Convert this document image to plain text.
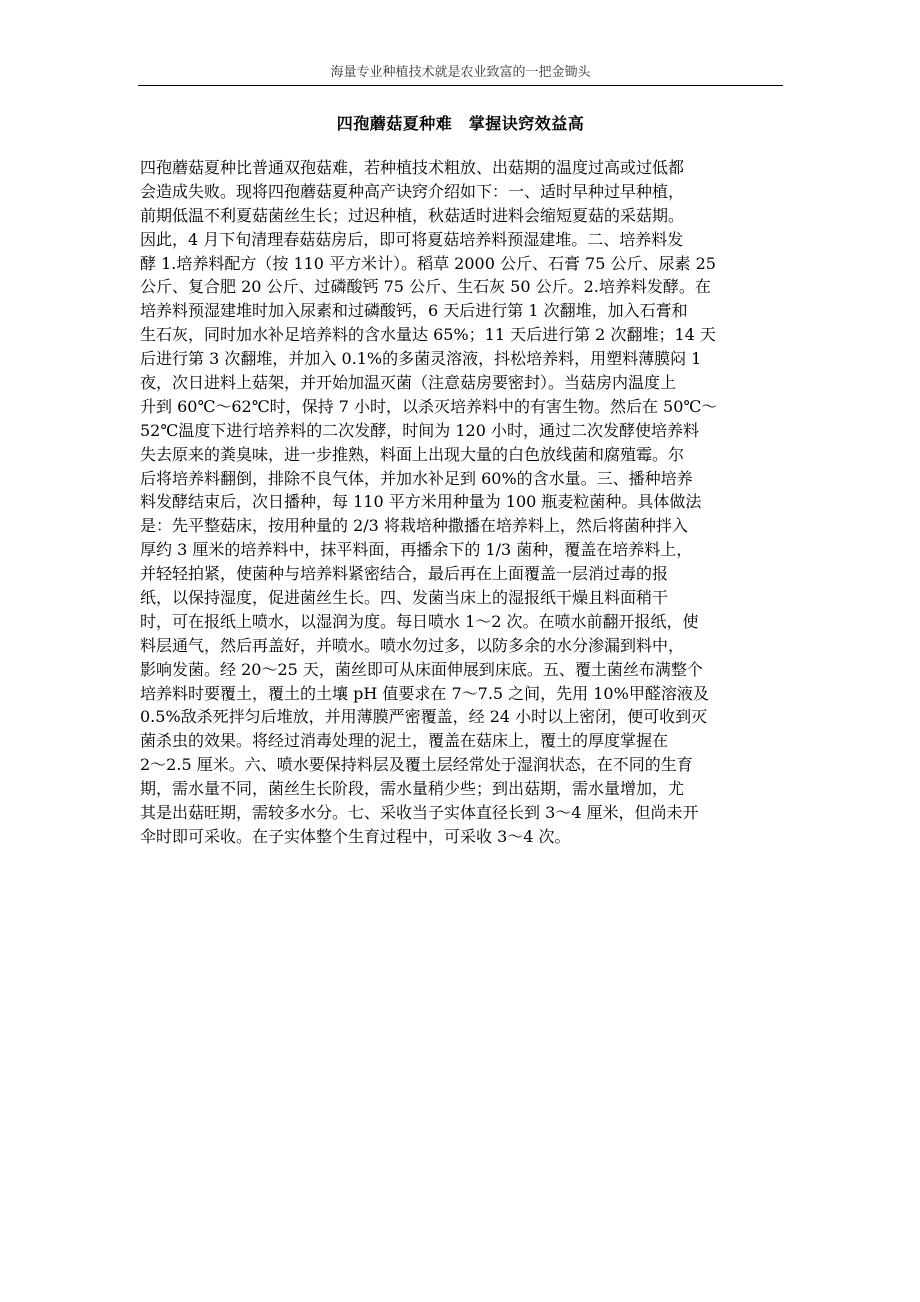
海量专业种植技术就是农业致富的一把金锄头
四孢蘑菇夏种难　掌握诀窍效益高
四孢蘑菇夏种比普通双孢菇难，若种植技术粗放、出菇期的温度过高或过低都
会造成失败。现将四孢蘑菇夏种高产诀窍介绍如下：一、适时早种过早种植，
前期低温不利夏菇菌丝生长；过迟种植，秋菇适时进料会缩短夏菇的采菇期。
因此，4 月下旬清理春菇菇房后，即可将夏菇培养料预湿建堆。二、培养料发
酵 1.培养料配方（按 110 平方米计）。稻草 2000 公斤、石膏 75 公斤、尿素 25
公斤、复合肥 20 公斤、过磷酸钙 75 公斤、生石灰 50 公斤。2.培养料发酵。在
培养料预湿建堆时加入尿素和过磷酸钙，6 天后进行第 1 次翻堆，加入石膏和
生石灰，同时加水补足培养料的含水量达 65%；11 天后进行第 2 次翻堆；14 天
后进行第 3 次翻堆，并加入 0.1%的多菌灵溶液，抖松培养料，用塑料薄膜闷 1
夜，次日进料上菇架，并开始加温灭菌（注意菇房要密封）。当菇房内温度上
升到 60℃～62℃时，保持 7 小时，以杀灭培养料中的有害生物。然后在 50℃～
52℃温度下进行培养料的二次发酵，时间为 120 小时，通过二次发酵使培养料
失去原来的粪臭味，进一步推熟，料面上出现大量的白色放线菌和腐殖霉。尔
后将培养料翻倒，排除不良气体，并加水补足到 60%的含水量。三、播种培养
料发酵结束后，次日播种，每 110 平方米用种量为 100 瓶麦粒菌种。具体做法
是：先平整菇床，按用种量的 2/3 将栽培种撒播在培养料上，然后将菌种拌入
厚约 3 厘米的培养料中，抹平料面，再播余下的 1/3 菌种，覆盖在培养料上，
并轻轻拍紧，使菌种与培养料紧密结合，最后再在上面覆盖一层消过毒的报
纸，以保持湿度，促进菌丝生长。四、发菌当床上的湿报纸干燥且料面稍干
时，可在报纸上喷水，以湿润为度。每日喷水 1～2 次。在喷水前翻开报纸，使
料层通气，然后再盖好，并喷水。喷水勿过多，以防多余的水分渗漏到料中，
影响发菌。经 20～25 天，菌丝即可从床面伸展到床底。五、覆土菌丝布满整个
培养料时要覆土，覆土的土壤 pH 值要求在 7～7.5 之间，先用 10%甲醛溶液及
0.5%敌杀死拌匀后堆放，并用薄膜严密覆盖，经 24 小时以上密闭，便可收到灭
菌杀虫的效果。将经过消毒处理的泥土，覆盖在菇床上，覆土的厚度掌握在
2～2.5 厘米。六、喷水要保持料层及覆土层经常处于湿润状态，在不同的生育
期，需水量不同，菌丝生长阶段，需水量稍少些；到出菇期，需水量增加，尤
其是出菇旺期，需较多水分。七、采收当子实体直径长到 3～4 厘米，但尚未开
伞时即可采收。在子实体整个生育过程中，可采收 3～4 次。
